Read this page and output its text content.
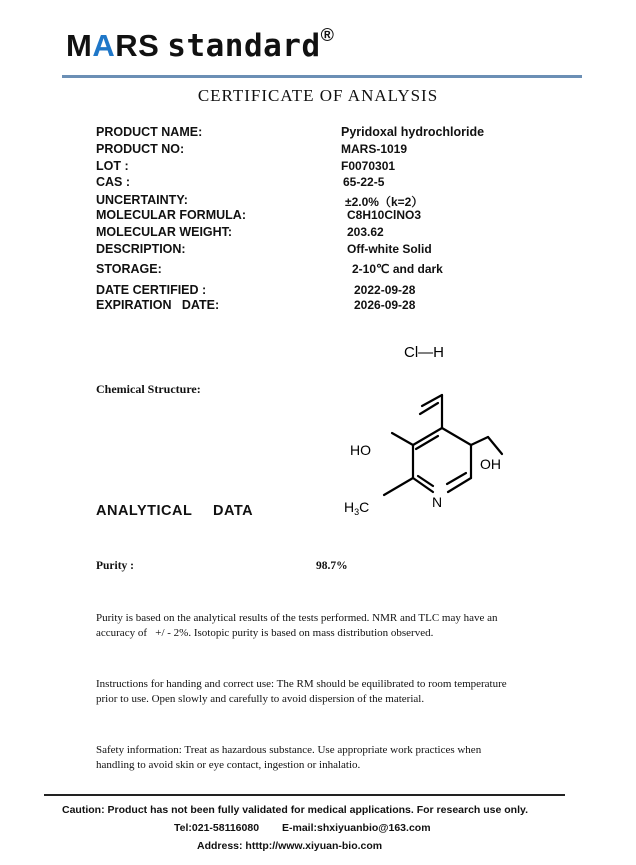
MARS standard®
CERTIFICATE OF ANALYSIS
PRODUCT NAME:	Pyridoxal hydrochloride
PRODUCT NO:	MARS-1019
LOT :	F0070301
CAS :	65-22-5
UNCERTAINTY:	±2.0%（k=2）
MOLECULAR FORMULA:	C8H10ClNO3
MOLECULAR WEIGHT:	203.62
DESCRIPTION:	Off-white Solid
STORAGE:	2-10℃ and dark
DATE CERTIFIED :	2022-09-28
EXPIRATION   DATE:	2026-09-28
Chemical Structure:
Cl—H
HO
OH
N
$H_3C$
ANALYTICAL DATA
Purity :	98.7%
Purity is based on the analytical results of the tests performed. NMR and TLC may have an
accuracy of   +/ - 2%. Isotopic purity is based on mass distribution observed.
Instructions for handing and correct use: The RM should be equilibrated to room temperature
prior to use. Open slowly and carefully to avoid dispersion of the material.
Safety information: Treat as hazardous substance. Use appropriate work practices when
handling to avoid skin or eye contact, ingestion or inhalatio.
Caution: Product has not been fully validated for medical applications. For research use only.
Tel:021-58116080 E-mail:shxiyuanbio@163.com
Address: htttp://www.xiyuan-bio.com
